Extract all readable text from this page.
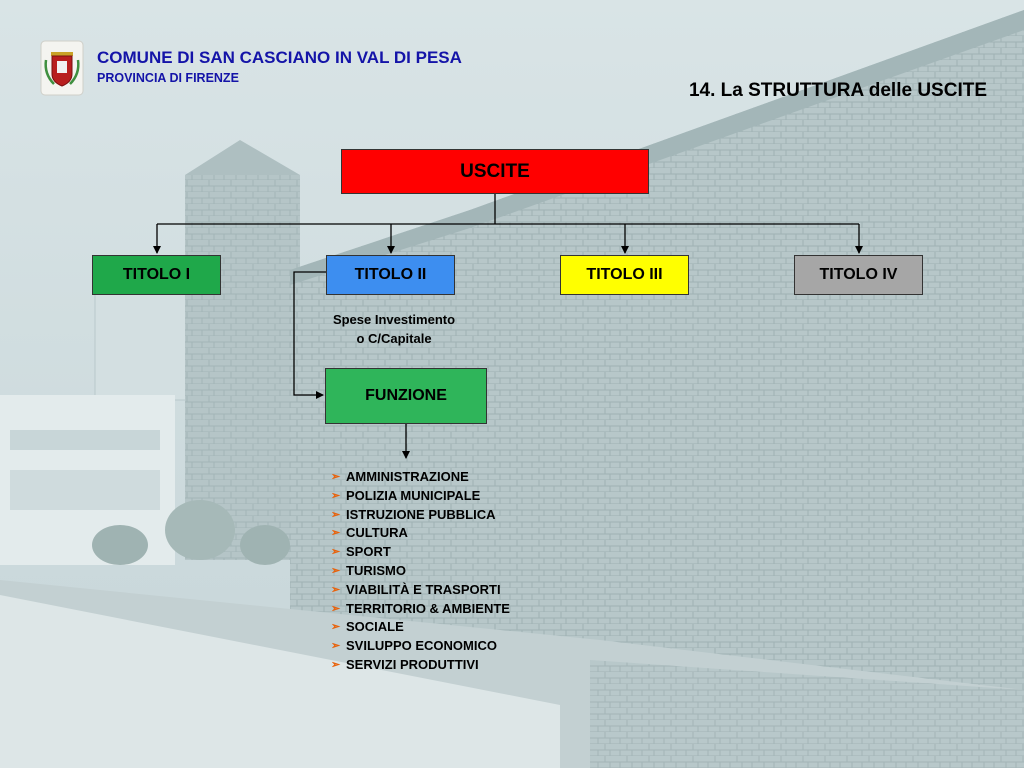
COMUNE DI SAN CASCIANO IN VAL DI PESA
PROVINCIA DI FIRENZE
14. La STRUTTURA delle USCITE
USCITE
TITOLO I	TITOLO II	TITOLO III	TITOLO IV
Spese Investimento
o C/Capitale
FUNZIONE
➢ AMMINISTRAZIONE
➢ POLIZIA MUNICIPALE
➢ ISTRUZIONE PUBBLICA
➢ CULTURA
➢ SPORT
➢ TURISMO
➢ VIABILITÀ E TRASPORTI
➢ TERRITORIO & AMBIENTE
➢ SOCIALE
➢ SVILUPPO ECONOMICO
➢ SERVIZI PRODUTTIVI
